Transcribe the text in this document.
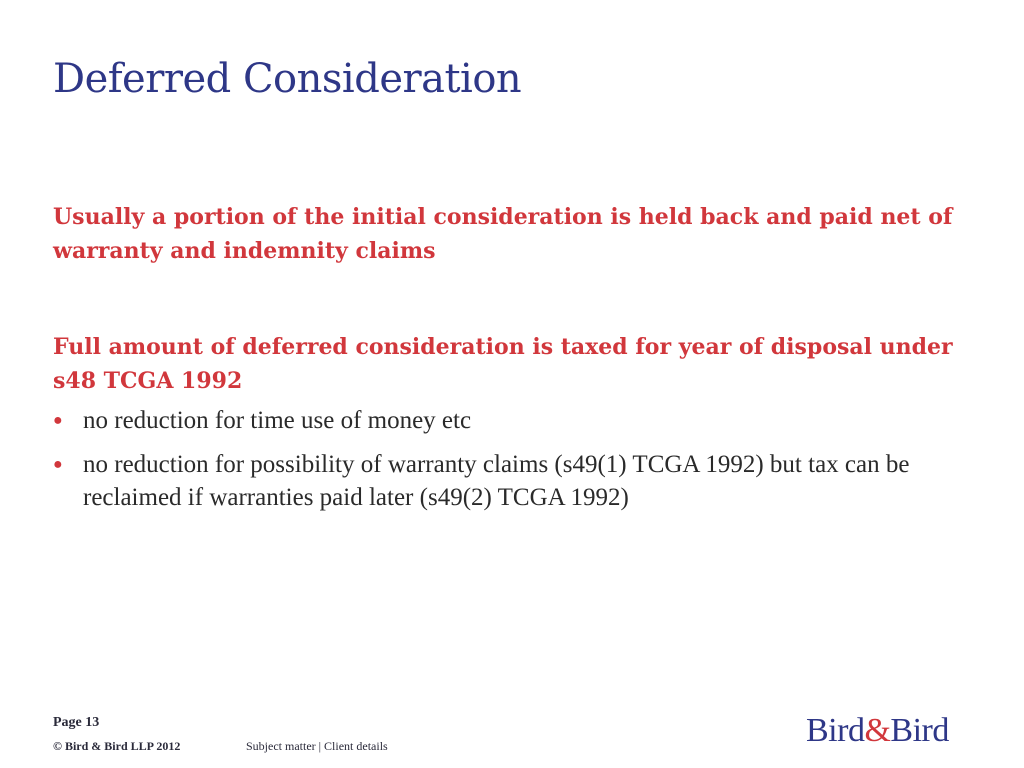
Deferred Consideration
Usually a portion of the initial consideration is held back and paid net of warranty and indemnity claims
Full amount of deferred consideration is taxed for year of disposal under s48 TCGA 1992
● no reduction for time use of money etc
● no reduction for possibility of warranty claims (s49(1) TCGA 1992) but tax can be reclaimed if warranties paid later (s49(2) TCGA 1992)
Page 13
© Bird & Bird LLP 2012	Subject matter | Client details	Bird&Bird
